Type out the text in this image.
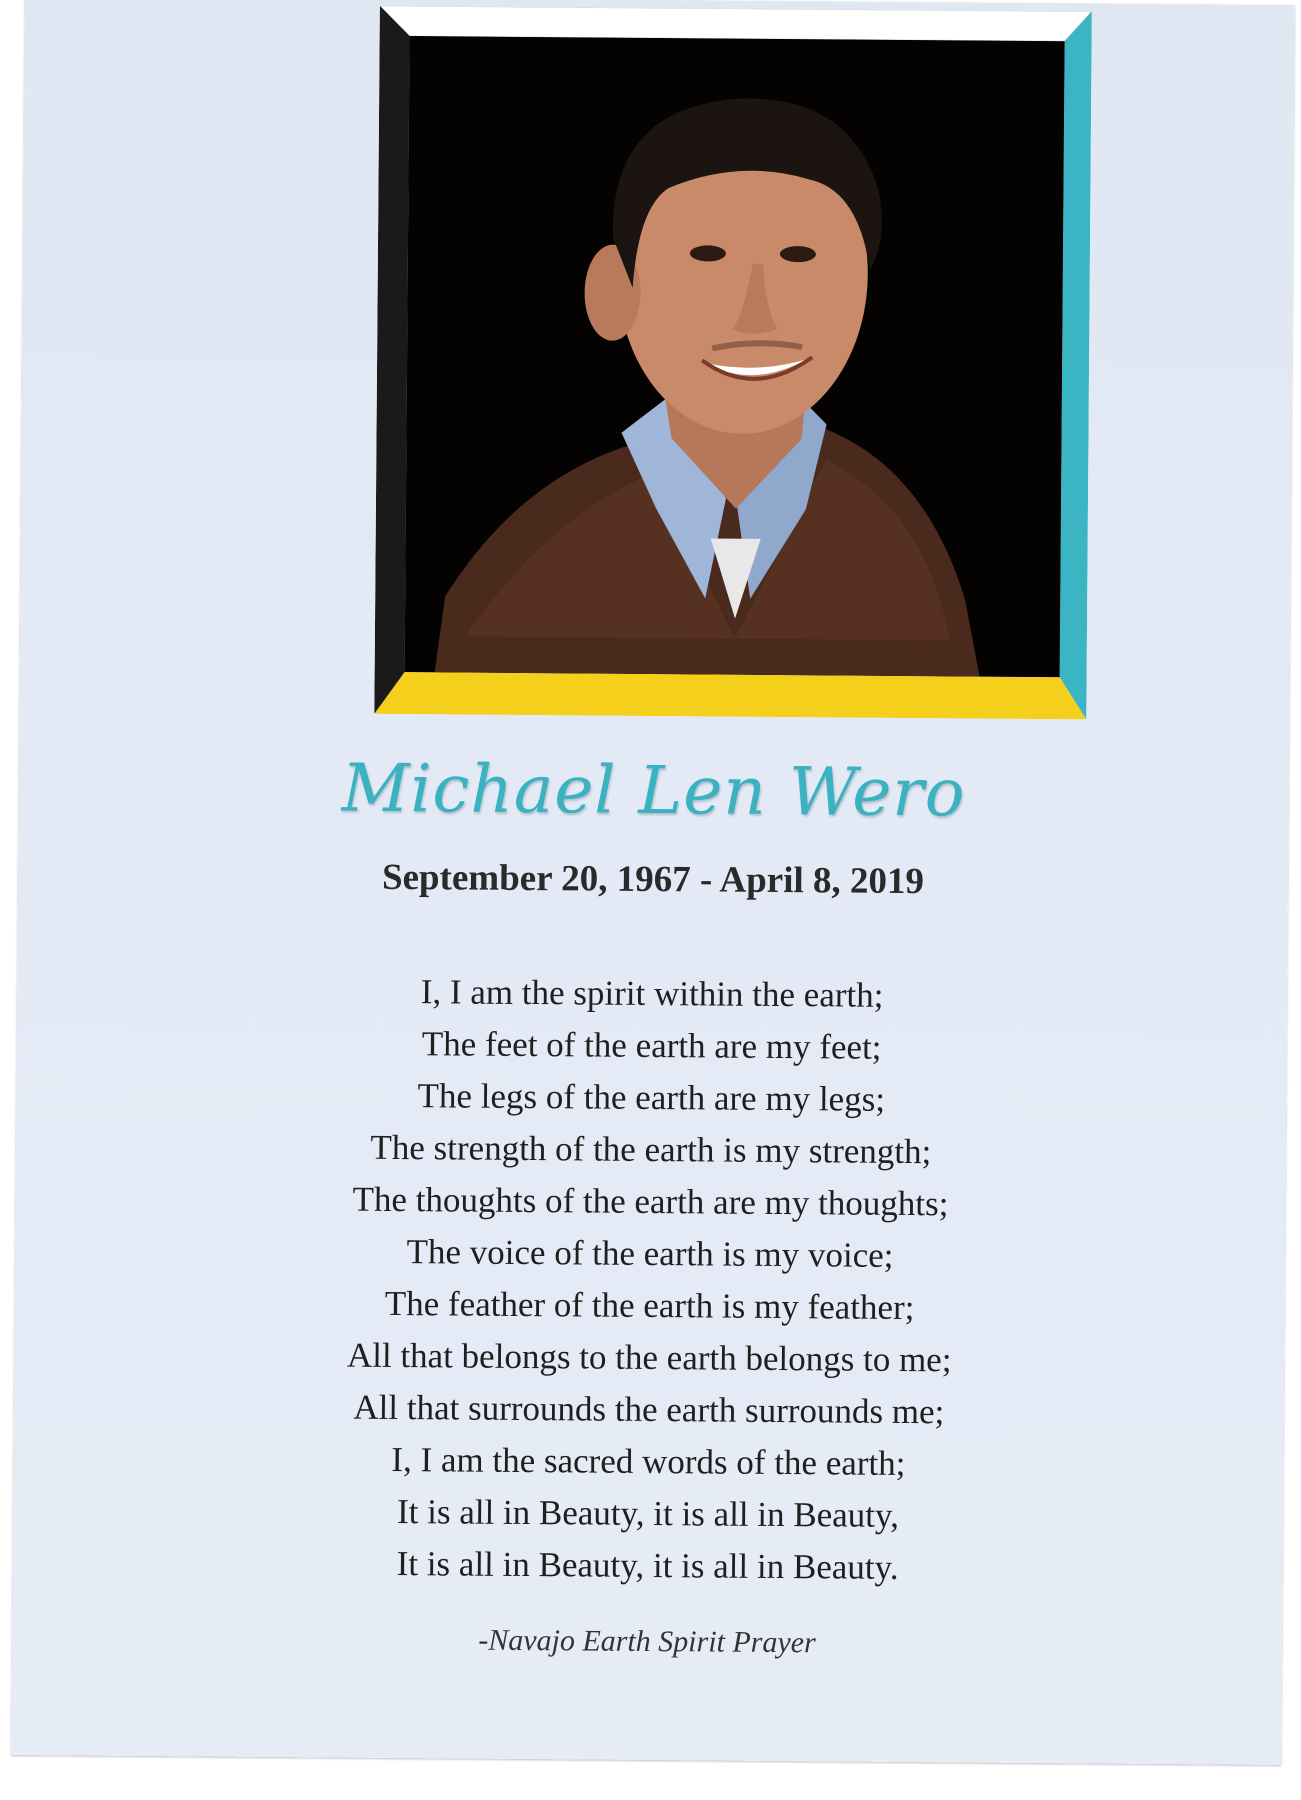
Michael Len Wero
September 20, 1967 - April 8, 2019
I, I am the spirit within the earth;
The feet of the earth are my feet;
The legs of the earth are my legs;
The strength of the earth is my strength;
The thoughts of the earth are my thoughts;
The voice of the earth is my voice;
The feather of the earth is my feather;
All that belongs to the earth belongs to me;
All that surrounds the earth surrounds me;
I, I am the sacred words of the earth;
It is all in Beauty, it is all in Beauty,
It is all in Beauty, it is all in Beauty.
-Navajo Earth Spirit Prayer
